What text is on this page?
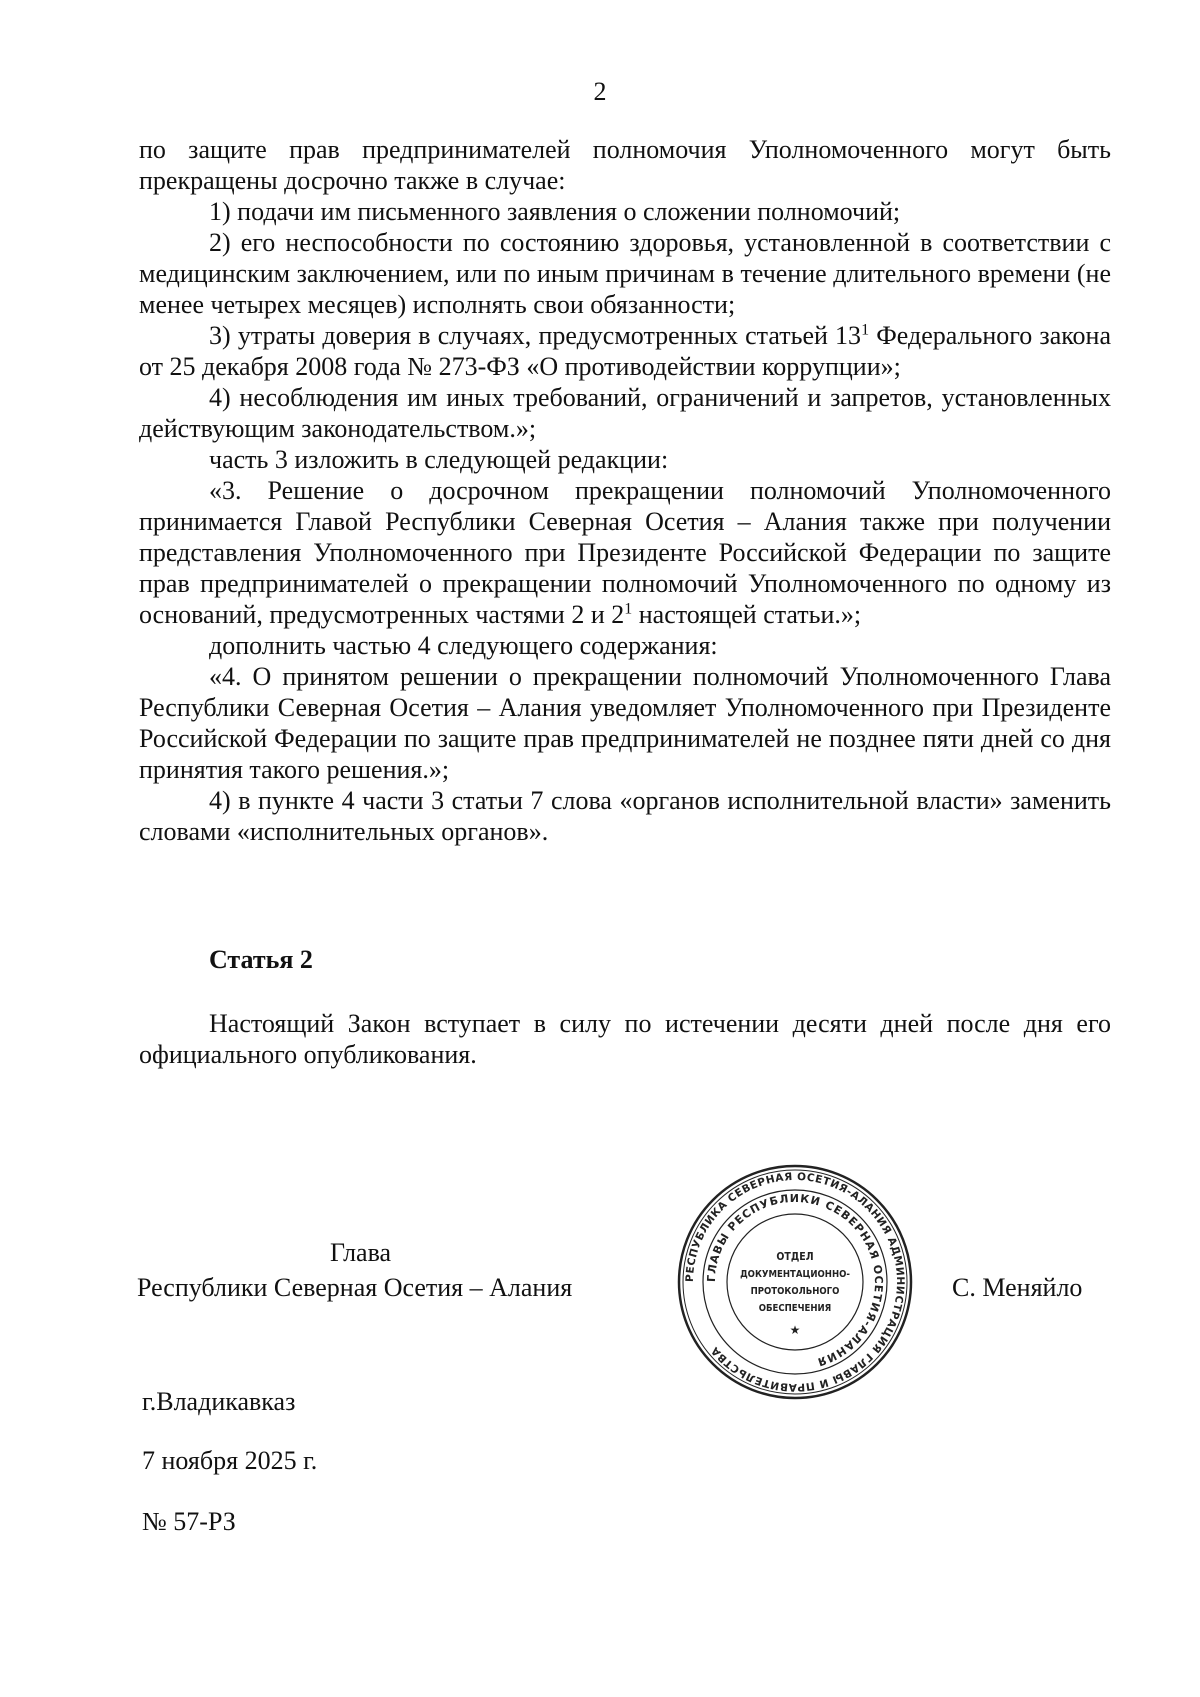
2

по защите прав предпринимателей полномочия Уполномоченного могут быть прекращены досрочно также в случае:

1) подачи им письменного заявления о сложении полномочий;

2) его неспособности по состоянию здоровья, установленной в соответствии с медицинским заключением, или по иным причинам в течение длительного времени (не менее четырех месяцев) исполнять свои обязанности;

3) утраты доверия в случаях, предусмотренных статьей $13^1$ Федерального закона от 25 декабря 2008 года № 273-ФЗ «О противодействии коррупции»;

4) несоблюдения им иных требований, ограничений и запретов, установленных действующим законодательством.»;

часть 3 изложить в следующей редакции:

«3. Решение о досрочном прекращении полномочий Уполномоченного принимается Главой Республики Северная Осетия – Алания также при получении представления Уполномоченного при Президенте Российской Федерации по защите прав предпринимателей о прекращении полномочий Уполномоченного по одному из оснований, предусмотренных частями 2 и $2^1$ настоящей статьи.»;

дополнить частью 4 следующего содержания:

«4. О принятом решении о прекращении полномочий Уполномоченного Глава Республики Северная Осетия – Алания уведомляет Уполномоченного при Президенте Российской Федерации по защите прав предпринимателей не позднее пяти дней со дня принятия такого решения.»;

4) в пункте 4 части 3 статьи 7 слова «органов исполнительной власти» заменить словами «исполнительных органов».

Статья 2

Настоящий Закон вступает в силу по истечении десяти дней после дня его официального опубликования.

Глава
Республики Северная Осетия – Алания	С. Меняйло
РЕСПУБЛИКА СЕВЕРНАЯ ОСЕТИЯ-АЛАНИЯ АДМИНИСТРАЦИЯ ГЛАВЫ И ПРАВИТЕЛЬСТВА
ГЛАВЫ РЕСПУБЛИКИ СЕВЕРНАЯ ОСЕТИЯ-АЛАНИЯ
ОТДЕЛ
ДОКУМЕНТАЦИОННО-
ПРОТОКОЛЬНОГО
ОБЕСПЕЧЕНИЯ
★
г.Владикавказ
7 ноября 2025 г.
№ 57-РЗ
